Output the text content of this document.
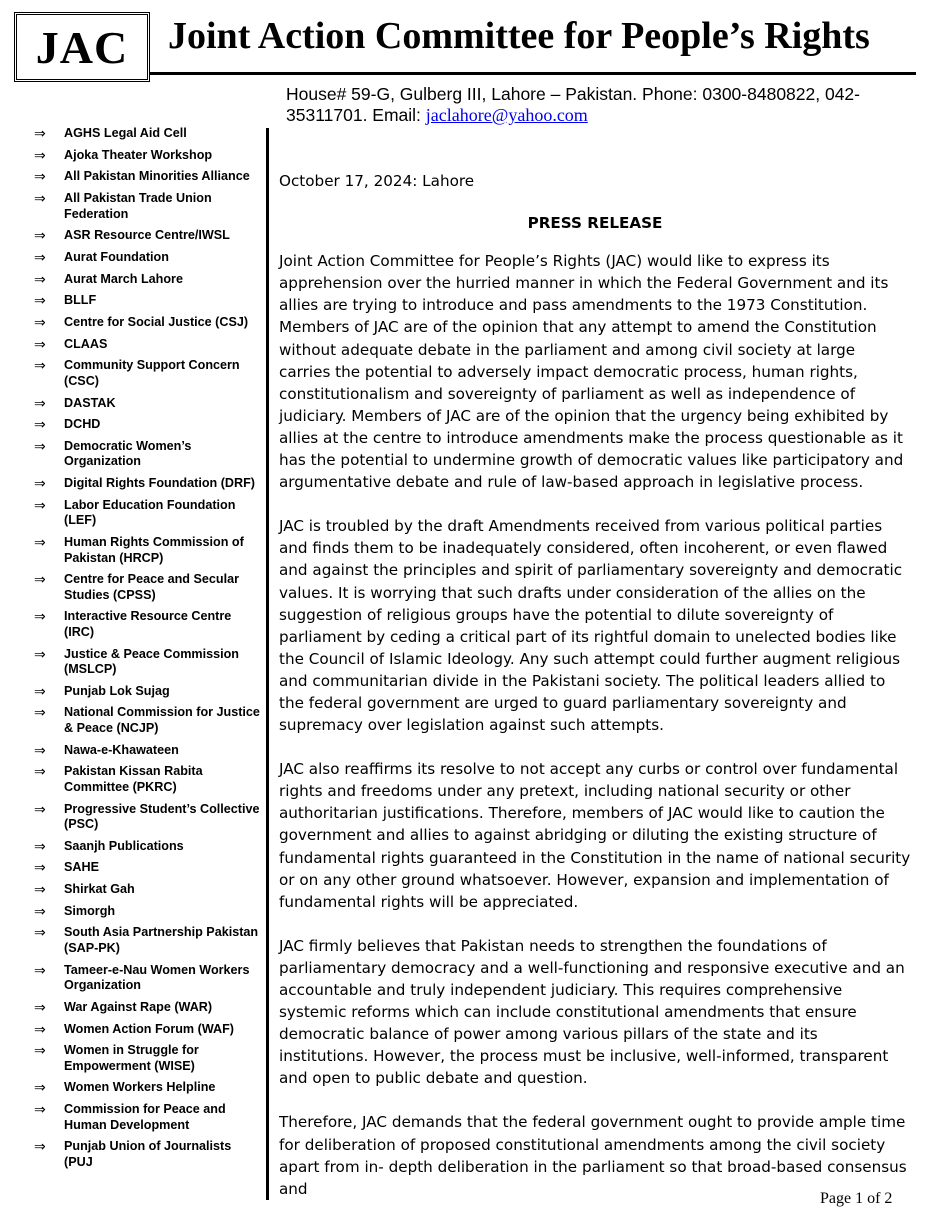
JAC	Joint Action Committee for People’s Rights
House# 59-G, Gulberg III, Lahore – Pakistan. Phone: 0300-8480822, 042-35311701. Email: jaclahore@yahoo.com
⇒	AGHS Legal Aid Cell
⇒	Ajoka Theater Workshop
⇒	All Pakistan Minorities Alliance
⇒	All Pakistan Trade Union Federation
⇒	ASR Resource Centre/IWSL
⇒	Aurat Foundation
⇒	Aurat March Lahore
⇒	BLLF
⇒	Centre for Social Justice (CSJ)
⇒	CLAAS
⇒	Community Support Concern (CSC)
⇒	DASTAK
⇒	DCHD
⇒	Democratic Women’s Organization
⇒	Digital Rights Foundation (DRF)
⇒	Labor Education Foundation (LEF)
⇒	Human Rights Commission of Pakistan (HRCP)
⇒	Centre for Peace and Secular Studies (CPSS)
⇒	Interactive Resource Centre (IRC)
⇒	Justice & Peace Commission (MSLCP)
⇒	Punjab Lok Sujag
⇒	National Commission for Justice & Peace (NCJP)
⇒	Nawa-e-Khawateen
⇒	Pakistan Kissan Rabita Committee (PKRC)
⇒	Progressive Student’s Collective (PSC)
⇒	Saanjh Publications
⇒	SAHE
⇒	Shirkat Gah
⇒	Simorgh
⇒	South Asia Partnership Pakistan (SAP-PK)
⇒	Tameer-e-Nau Women Workers Organization
⇒	War Against Rape (WAR)
⇒	Women Action Forum (WAF)
⇒	Women in Struggle for Empowerment (WISE)
⇒	Women Workers Helpline
⇒	Commission for Peace and Human Development
⇒	Punjab Union of Journalists (PUJ

October 17, 2024: Lahore

PRESS RELEASE

Joint Action Committee for People’s Rights (JAC) would like to express its apprehension over the hurried manner in which the Federal Government and its allies are trying to introduce and pass amendments to the 1973 Constitution. Members of JAC are of the opinion that any attempt to amend the Constitution without adequate debate in the parliament and among civil society at large carries the potential to adversely impact democratic process, human rights, constitutionalism and sovereignty of parliament as well as independence of judiciary. Members of JAC are of the opinion that the urgency being exhibited by allies at the centre to introduce amendments make the process questionable as it has the potential to undermine growth of democratic values like participatory and argumentative debate and rule of law-based approach in legislative process.

JAC is troubled by the draft Amendments received from various political parties and finds them to be inadequately considered, often incoherent, or even flawed and against the principles and spirit of parliamentary sovereignty and democratic values. It is worrying that such drafts under consideration of the allies on the suggestion of religious groups have the potential to dilute sovereignty of parliament by ceding a critical part of its rightful domain to unelected bodies like the Council of Islamic Ideology. Any such attempt could further augment religious and communitarian divide in the Pakistani society. The political leaders allied to the federal government are urged to guard parliamentary sovereignty and supremacy over legislation against such attempts.

JAC also reaffirms its resolve to not accept any curbs or control over fundamental rights and freedoms under any pretext, including national security or other authoritarian justifications. Therefore, members of JAC would like to caution the government and allies to against abridging or diluting the existing structure of fundamental rights guaranteed in the Constitution in the name of national security or on any other ground whatsoever. However, expansion and implementation of fundamental rights will be appreciated.

JAC firmly believes that Pakistan needs to strengthen the foundations of parliamentary democracy and a well-functioning and responsive executive and an accountable and truly independent judiciary. This requires comprehensive systemic reforms which can include constitutional amendments that ensure democratic balance of power among various pillars of the state and its institutions. However, the process must be inclusive, well-informed, transparent and open to public debate and question.

Therefore, JAC demands that the federal government ought to provide ample time for deliberation of proposed constitutional amendments among the civil society apart from in- depth deliberation in the parliament so that broad-based consensus and

Page 1 of 2
